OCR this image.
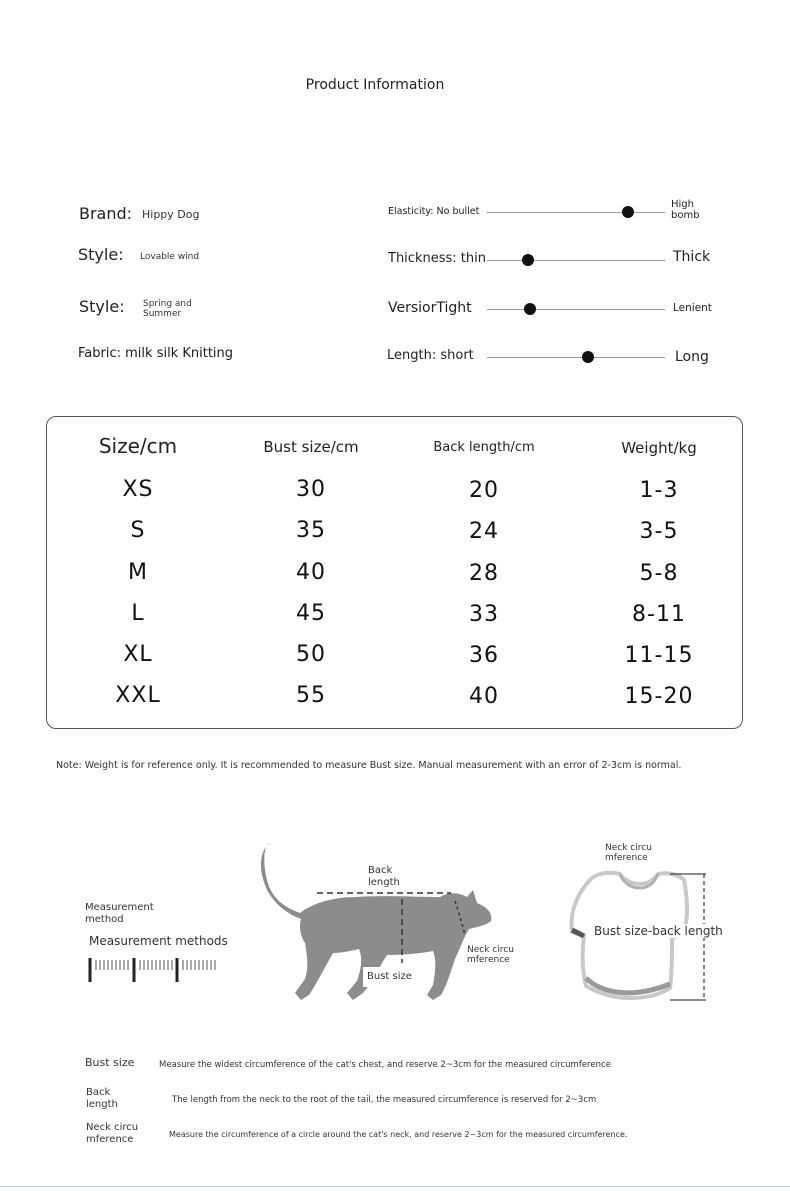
Product Information
Brand: Hippy Dog
Style: Lovable wind
Style: Spring and Summer
Fabric: milk silk Knitting
Elasticity: No bullet
High bomb
Thickness: thin	Thick
VersiorTight	Lenient
Length: short	Long
Size/cm	Bust size/cm	Back length/cm	Weight/kg
XS	30	20	1-3
S	35	24	3-5
M	40	28	5-8
L	45	33	8-11
XL	50	36	11-15
XXL	55	40	15-20
Note: Weight is for reference only. It is recommended to measure Bust size. Manual measurement with an error of 2-3cm is normal.
Measurement method
Measurement methods
Back length
Bust size
Neck circu mference
Neck circu mference
Bust size-back length
Bust size	Measure the widest circumference of the cat's chest, and reserve 2~3cm for the measured circumference
Back length	The length from the neck to the root of the tail, the measured circumference is reserved for 2~3cm
Neck circu mference	Measure the circumference of a circle around the cat's neck, and reserve 2~3cm for the measured circumference.
